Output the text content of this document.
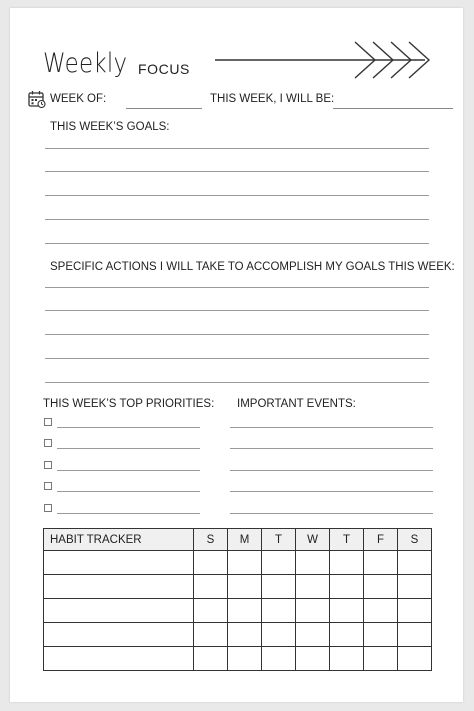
Weekly FOCUS
WEEK OF:	THIS WEEK, I WILL BE:
THIS WEEK’S GOALS:
SPECIFIC ACTIONS I WILL TAKE TO ACCOMPLISH MY GOALS THIS WEEK:
THIS WEEK’S TOP PRIORITIES: IMPORTANT EVENTS:
HABIT TRACKER	S	M	T	W	T	F	S
